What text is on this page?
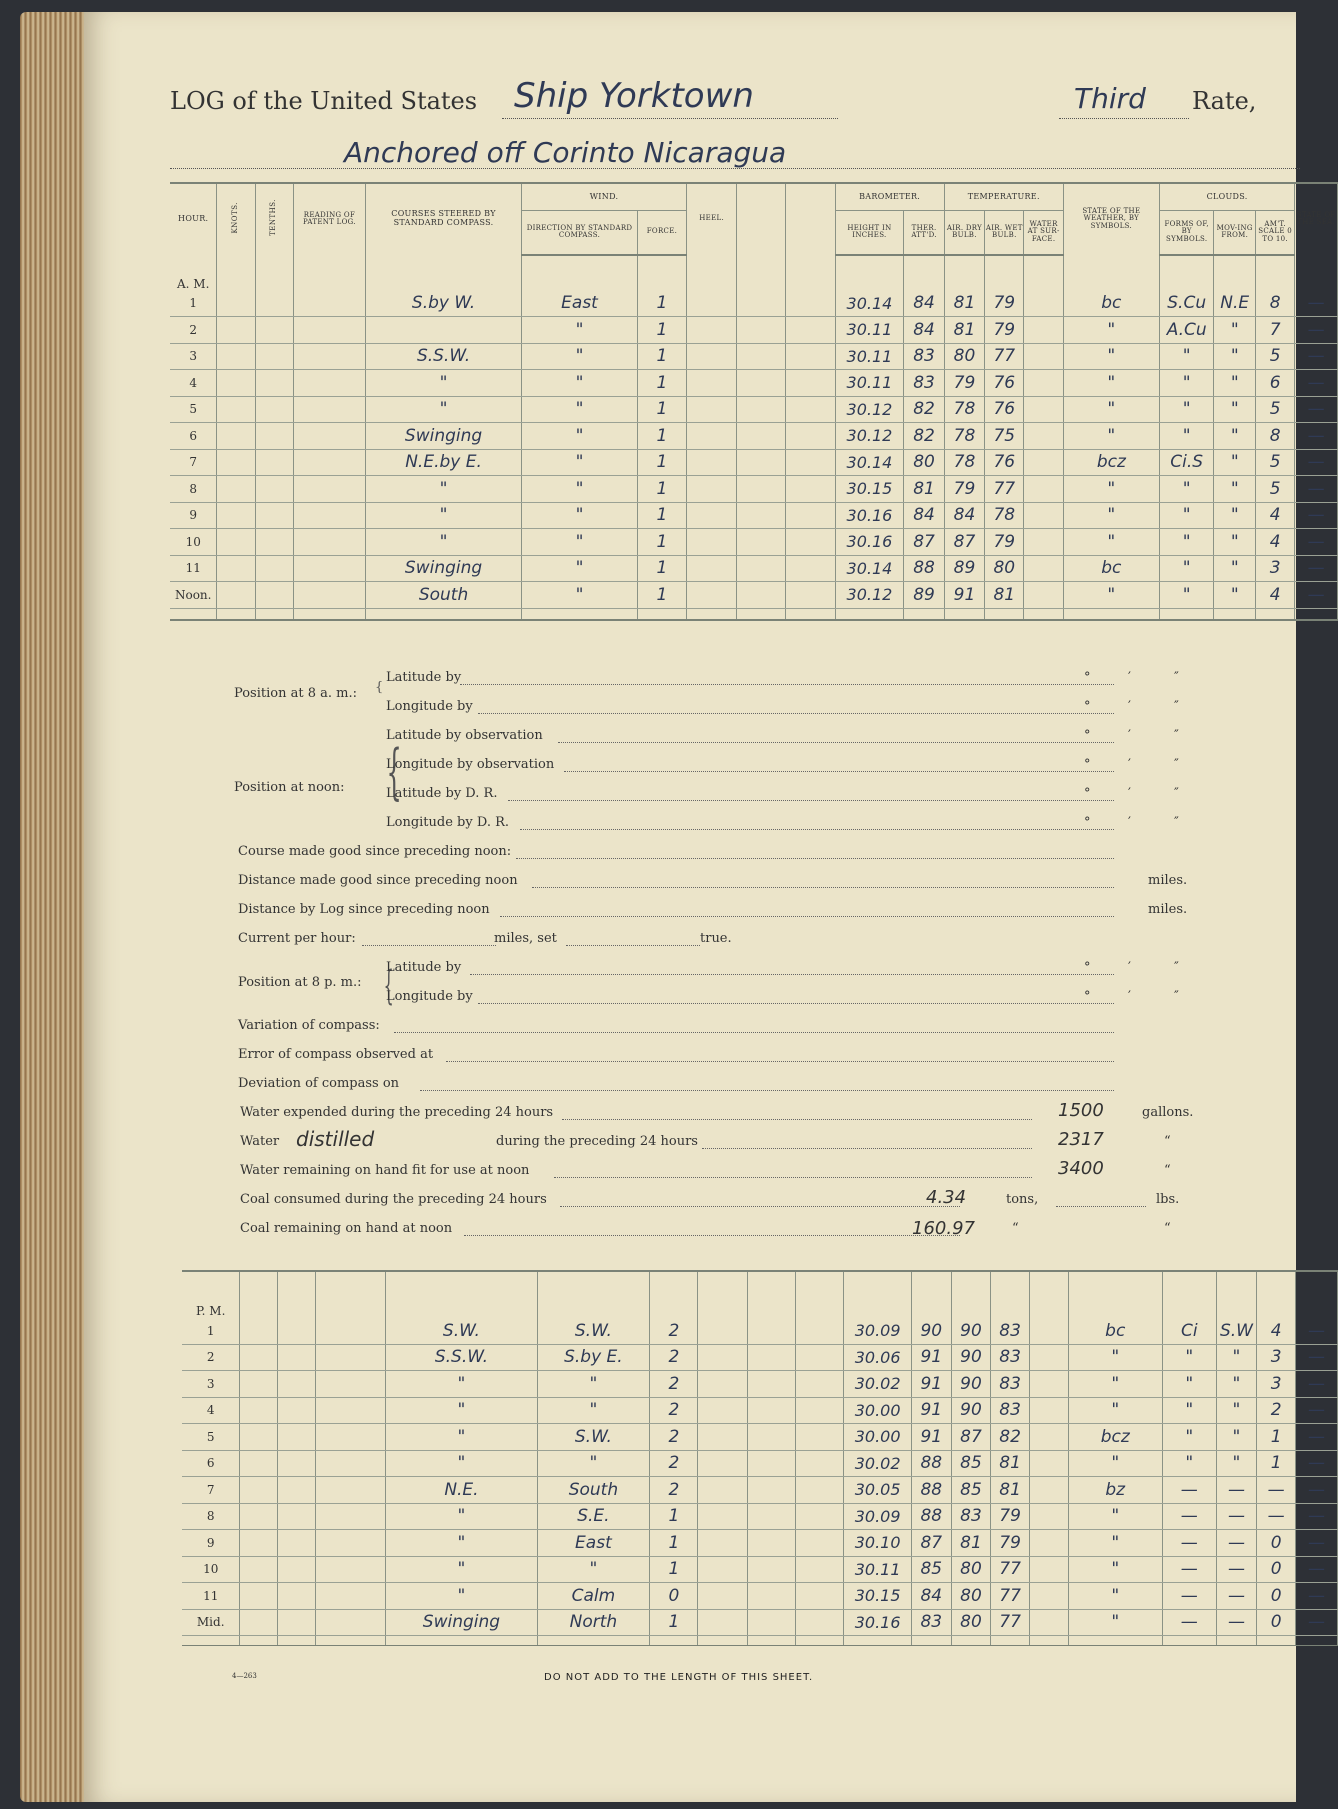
LOG of the United States Ship Yorktown	Third Rate,
Anchored off Corinto Nicaragua
HOUR.	KNOTS.	TENTHS.	READING OF PATENT LOG.	COURSES STEERED BY STANDARD COMPASS.	WIND.		HEEL.			BAROMETER.		TEMPERATURE.			STATE OF THE WEATHER, BY SYMBOLS.	CLOUDS.			STATE OF THE SEA.
					DIRECTION BY STANDARD COMPASS.	FORCE.				HEIGHT IN INCHES.	THER. ATT'D.	AIR. DRY BULB.	AIR. WET BULB.	WATER AT SUR-FACE.		FORMS OF, BY SYMBOLS.	MOV-ING FROM.	AM'T. SCALE 0 TO 10.	
A. M.																			
1				S.by W.	East	1				30.14	84	81	79		bc	S.Cu	N.E	8	—
2					"	1				30.11	84	81	79		"	A.Cu	"	7	—
3				S.S.W.	"	1				30.11	83	80	77		"	"	"	5	—
4				"	"	1				30.11	83	79	76		"	"	"	6	—
5				"	"	1				30.12	82	78	76		"	"	"	5	—
6				Swinging	"	1				30.12	82	78	75		"	"	"	8	—
7				N.E.by E.	"	1				30.14	80	78	76		bcz	Ci.S	"	5	—
8				"	"	1				30.15	81	79	77		"	"	"	5	—
9				"	"	1				30.16	84	84	78		"	"	"	4	—
10				"	"	1				30.16	87	87	79		"	"	"	4	—
11				Swinging	"	1				30.14	88	89	80		bc	"	"	3	—
Noon.				South	"	1				30.12	89	91	81		"	"	"	4	—

Position at 8 a. m.: {
Latitude by
Longitude by
Position at noon: {
Latitude by observation
Longitude by observation
Latitude by D. R.
Longitude by D. R.
Course made good since preceding noon:
Distance made good since preceding noon	miles.
Distance by Log since preceding noon	miles.
Current per hour:	miles, set	true.
Position at 8 p. m.: {
Latitude by
Longitude by
Variation of compass:
Error of compass observed at
Deviation of compass on
Water expended during the preceding 24 hours	1500	gallons.
Water distilled	during the preceding 24 hours	2317	“
Water remaining on hand fit for use at noon	3400	“
Coal consumed during the preceding 24 hours	4.34	tons,	lbs.
Coal remaining on hand at noon	160.97	“	“
°	′	″
°	′	″
°	′	″
°	′	″
°	′	″
°	′	″
°	′	″
°	′	″
P. M.																			
1				S.W.	S.W.	2				30.09	90	90	83		bc	Ci	S.W	4	—
2				S.S.W.	S.by E.	2				30.06	91	90	83		"	"	"	3	—
3				"	"	2				30.02	91	90	83		"	"	"	3	—
4				"	"	2				30.00	91	90	83		"	"	"	2	—
5				"	S.W.	2				30.00	91	87	82		bcz	"	"	1	—
6				"	"	2				30.02	88	85	81		"	"	"	1	—
7				N.E.	South	2				30.05	88	85	81		bz	—	—	—	—
8				"	S.E.	1				30.09	88	83	79		"	—	—	—	—
9				"	East	1				30.10	87	81	79		"	—	—	0	—
10				"	"	1				30.11	85	80	77		"	—	—	0	—
11				"	Calm	0				30.15	84	80	77		"	—	—	0	—
Mid.				Swinging	North	1				30.16	83	80	77		"	—	—	0	—

4—263	DO NOT ADD TO THE LENGTH OF THIS SHEET.
